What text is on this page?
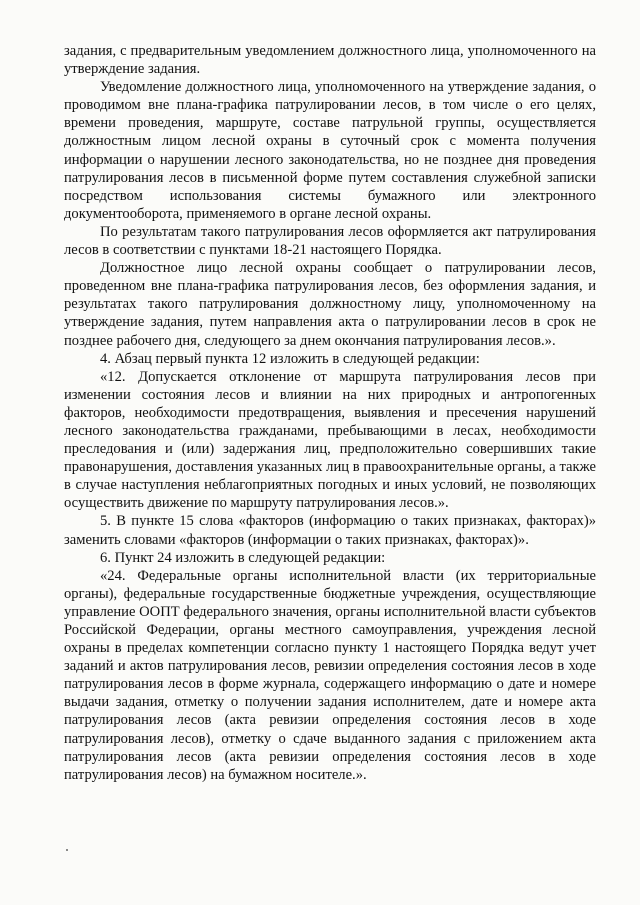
задания, с предварительным уведомлением должностного лица, уполномоченного на утверждение задания.

Уведомление должностного лица, уполномоченного на утверждение задания, о проводимом вне плана-графика патрулировании лесов, в том числе о его целях, времени проведения, маршруте, составе патрульной группы, осуществляется должностным лицом лесной охраны в суточный срок с момента получения информации о нарушении лесного законодательства, но не позднее дня проведения патрулирования лесов в письменной форме путем составления служебной записки посредством использования системы бумажного или электронного документооборота, применяемого в органе лесной охраны.

По результатам такого патрулирования лесов оформляется акт патрулирования лесов в соответствии с пунктами 18-21 настоящего Порядка.

Должностное лицо лесной охраны сообщает о патрулировании лесов, проведенном вне плана-графика патрулирования лесов, без оформления задания, и результатах такого патрулирования должностному лицу, уполномоченному на утверждение задания, путем направления акта о патрулировании лесов в срок не позднее рабочего дня, следующего за днем окончания патрулирования лесов.».

4. Абзац первый пункта 12 изложить в следующей редакции:

«12. Допускается отклонение от маршрута патрулирования лесов при изменении состояния лесов и влиянии на них природных и антропогенных факторов, необходимости предотвращения, выявления и пресечения нарушений лесного законодательства гражданами, пребывающими в лесах, необходимости преследования и (или) задержания лиц, предположительно совершивших такие правонарушения, доставления указанных лиц в правоохранительные органы, а также в случае наступления неблагоприятных погодных и иных условий, не позволяющих осуществить движение по маршруту патрулирования лесов.».

5. В пункте 15 слова «факторов (информацию о таких признаках, факторах)» заменить словами «факторов (информации о таких признаках, факторах)».

6. Пункт 24 изложить в следующей редакции:

«24. Федеральные органы исполнительной власти (их территориальные органы), федеральные государственные бюджетные учреждения, осуществляющие управление ООПТ федерального значения, органы исполнительной власти субъектов Российской Федерации, органы местного самоуправления, учреждения лесной охраны в пределах компетенции согласно пункту 1 настоящего Порядка ведут учет заданий и актов патрулирования лесов, ревизии определения состояния лесов в ходе патрулирования лесов в форме журнала, содержащего информацию о дате и номере выдачи задания, отметку о получении задания исполнителем, дате и номере акта патрулирования лесов (акта ревизии определения состояния лесов в ходе патрулирования лесов), отметку о сдаче выданного задания с приложением акта патрулирования лесов (акта ревизии определения состояния лесов в ходе патрулирования лесов) на бумажном носителе.».
